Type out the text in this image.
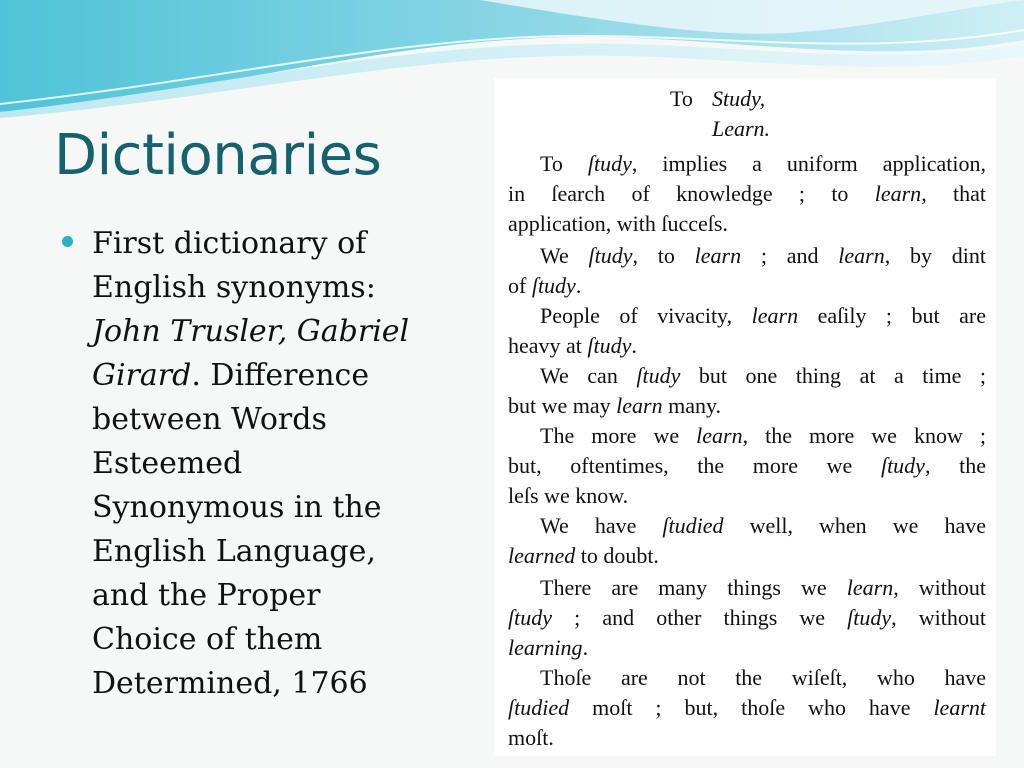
Dictionaries
First dictionary of English synonyms: John Trusler, Gabriel Girard. Difference between Words Esteemed Synonymous in the English Language, and the Proper Choice of them Determined, 1766
To Study,
Learn.
To ſtudy, implies a uniform application,
in ſearch of knowledge ; to learn, that
application, with ſucceſs.
We ſtudy, to learn ; and learn, by dint
of ſtudy.
People of vivacity, learn eaſily ; but are
heavy at ſtudy.
We can ſtudy but one thing at a time ;
but we may learn many.
The more we learn, the more we know ;
but, oftentimes, the more we ſtudy, the
leſs we know.
We have ſtudied well, when we have
learned to doubt.
There are many things we learn, without
ſtudy ; and other things we ſtudy, without
learning.
Thoſe are not the wiſeſt, who have
ſtudied moſt ; but, thoſe who have learnt
moſt.
